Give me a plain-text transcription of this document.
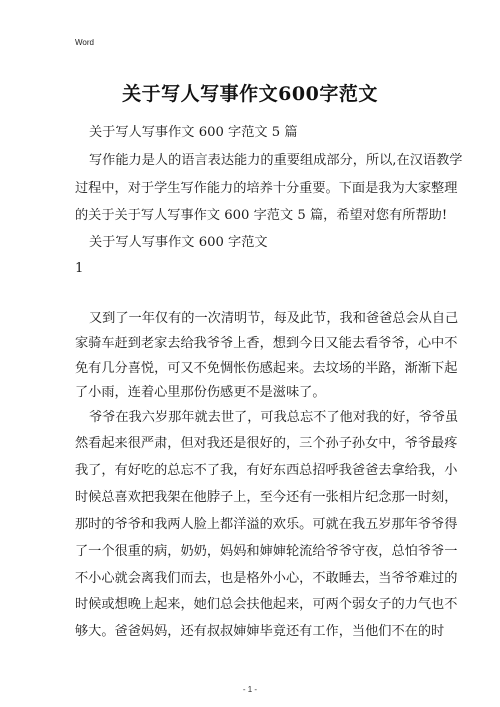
Word
关于写人写事作文600字范文
关于写人写事作文 600 字范文 5 篇
写作能力是人的语言表达能力的重要组成部分，所以,在汉语教学
过程中，对于学生写作能力的培养十分重要。下面是我为大家整理
的关于关于写人写事作文 600 字范文 5 篇，希望对您有所帮助!
关于写人写事作文 600 字范文
1
又到了一年仅有的一次清明节，每及此节，我和爸爸总会从自己
家骑车赶到老家去给我爷爷上香，想到今日又能去看爷爷，心中不
免有几分喜悦，可又不免惆怅伤感起来。去坟场的半路，渐渐下起
了小雨，连着心里那份伤感更不是滋味了。
爷爷在我六岁那年就去世了，可我总忘不了他对我的好，爷爷虽
然看起来很严肃，但对我还是很好的，三个孙子孙女中，爷爷最疼
我了，有好吃的总忘不了我，有好东西总招呼我爸爸去拿给我，小
时候总喜欢把我架在他脖子上，至今还有一张相片纪念那一时刻，
那时的爷爷和我两人脸上都洋溢的欢乐。可就在我五岁那年爷爷得
了一个很重的病，奶奶，妈妈和婶婶轮流给爷爷守夜，总怕爷爷一
不小心就会离我们而去，也是格外小心，不敢睡去，当爷爷难过的
时候或想晚上起来，她们总会扶他起来，可两个弱女子的力气也不
够大。爸爸妈妈，还有叔叔婶婶毕竟还有工作，当他们不在的时
- 1 -
